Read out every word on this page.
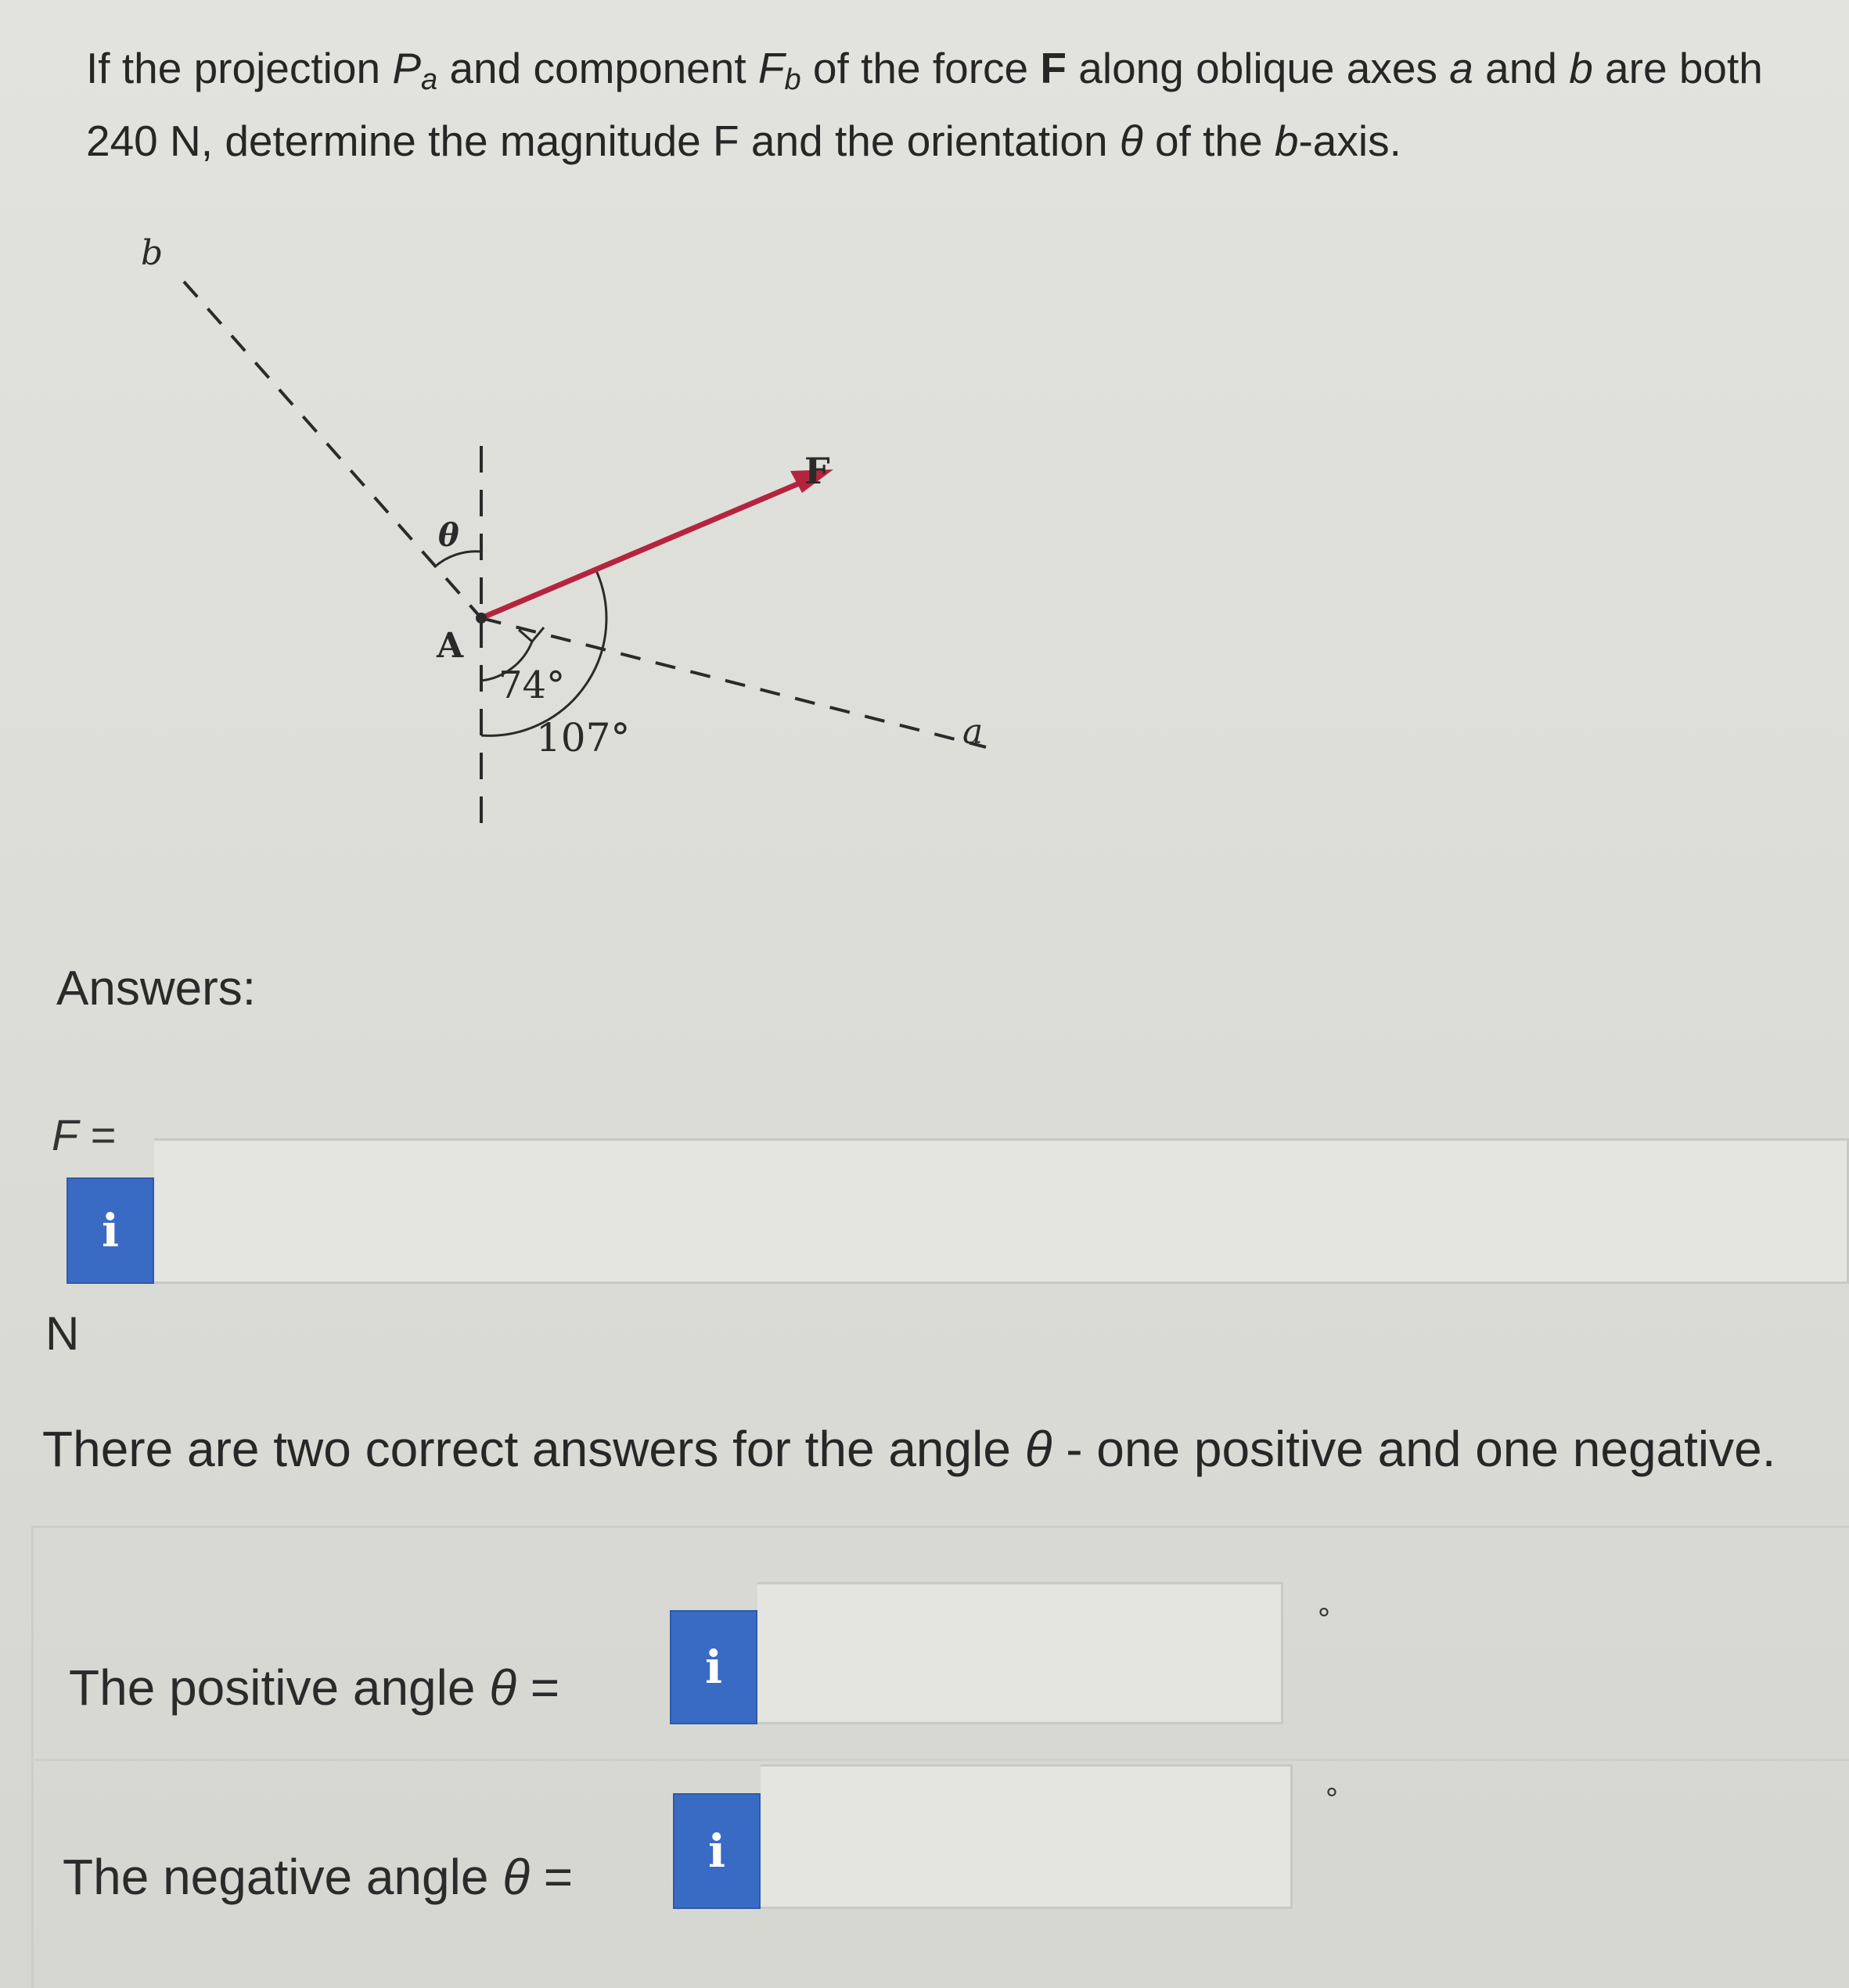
If the projection $P_a$ and component $F_b$ of the force F along oblique axes a and b are both 240 N, determine the magnitude F and the orientation θ of the b-axis.
b
F
a
A
θ
74°
107°
Answers:
F =
i
N
There are two correct answers for the angle θ - one positive and one negative.
The positive angle θ =	i
°
The negative angle θ =	i
°
